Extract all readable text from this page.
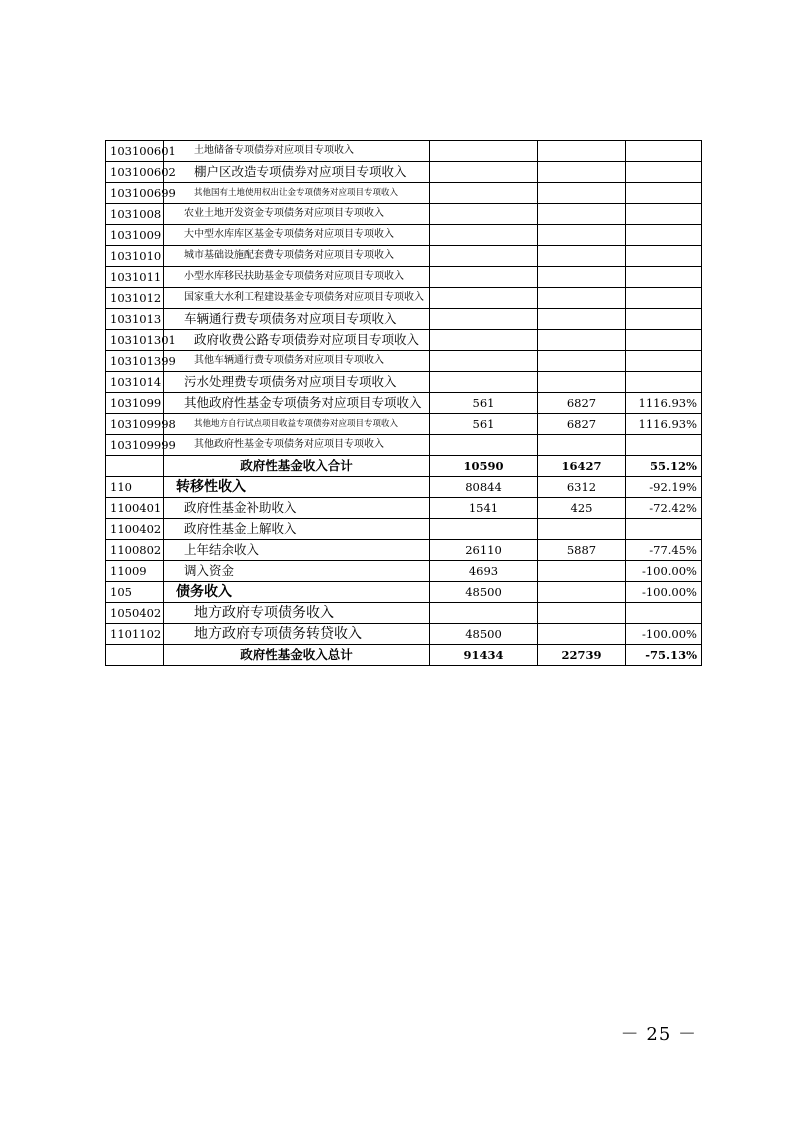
103100601	土地储备专项债券对应项目专项收入			
103100602	棚户区改造专项债券对应项目专项收入			
103100699	其他国有土地使用权出让金专项债务对应项目专项收入			
1031008	农业土地开发资金专项债务对应项目专项收入			
1031009	大中型水库库区基金专项债务对应项目专项收入			
1031010	城市基础设施配套费专项债务对应项目专项收入			
1031011	小型水库移民扶助基金专项债务对应项目专项收入			
1031012	国家重大水利工程建设基金专项债务对应项目专项收入			
1031013	车辆通行费专项债务对应项目专项收入			
103101301	政府收费公路专项债券对应项目专项收入			
103101399	其他车辆通行费专项债务对应项目专项收入			
1031014	污水处理费专项债务对应项目专项收入			
1031099	其他政府性基金专项债务对应项目专项收入	561	6827	1116.93%
103109998	其他地方自行试点项目收益专项债券对应项目专项收入	561	6827	1116.93%
103109999	其他政府性基金专项债务对应项目专项收入			
	政府性基金收入合计	10590	16427	55.12%
110	转移性收入	80844	6312	-92.19%
1100401	政府性基金补助收入	1541	425	-72.42%
1100402	政府性基金上解收入			
1100802	上年结余收入	26110	5887	-77.45%
11009	调入资金	4693		-100.00%
105	债务收入	48500		-100.00%
1050402	地方政府专项债务收入			
1101102	地方政府专项债务转贷收入	48500		-100.00%
	政府性基金收入总计	91434	22739	-75.13%
－ 25 －
